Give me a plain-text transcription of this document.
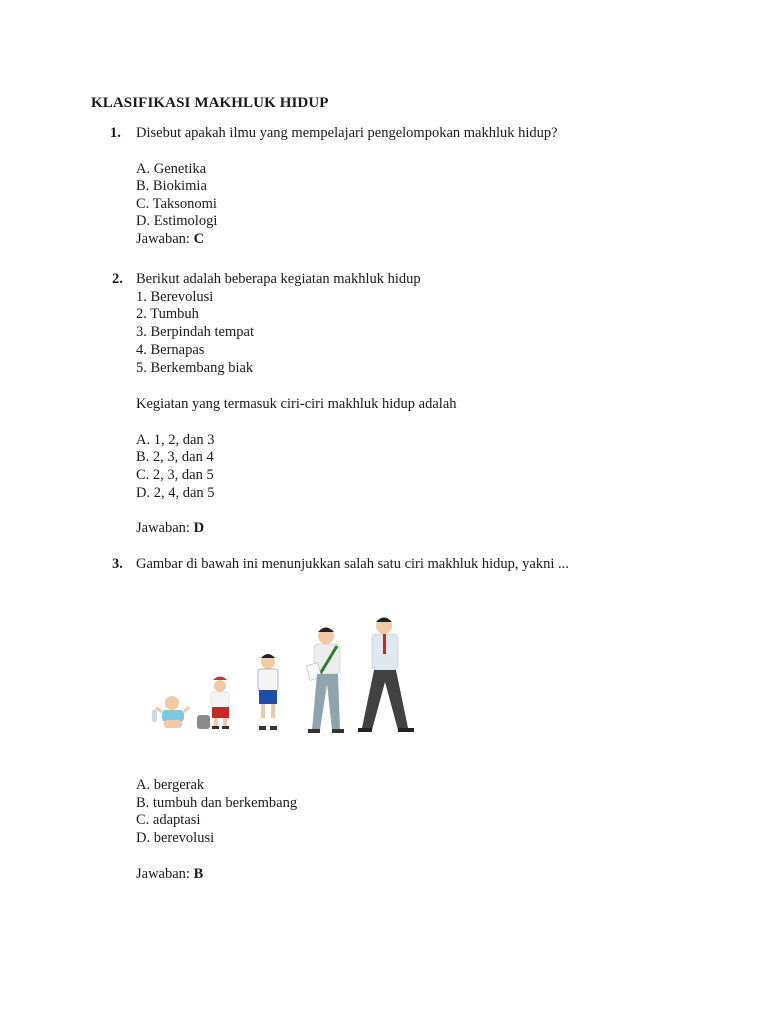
KLASIFIKASI MAKHLUK HIDUP
1. Disebut apakah ilmu yang mempelajari pengelompokan makhluk hidup?
A. Genetika
B. Biokimia
C. Taksonomi
D. Estimologi
Jawaban: C
2. Berikut adalah beberapa kegiatan makhluk hidup
1. Berevolusi
2. Tumbuh
3. Berpindah tempat
4. Bernapas
5. Berkembang biak
Kegiatan yang termasuk ciri-ciri makhluk hidup adalah
A. 1, 2, dan 3
B. 2, 3, dan 4
C. 2, 3, dan 5
D. 2, 4, dan 5
Jawaban: D
3. Gambar di bawah ini menunjukkan salah satu ciri makhluk hidup, yakni ...
A. bergerak
B. tumbuh dan berkembang
C. adaptasi
D. berevolusi
Jawaban: B
